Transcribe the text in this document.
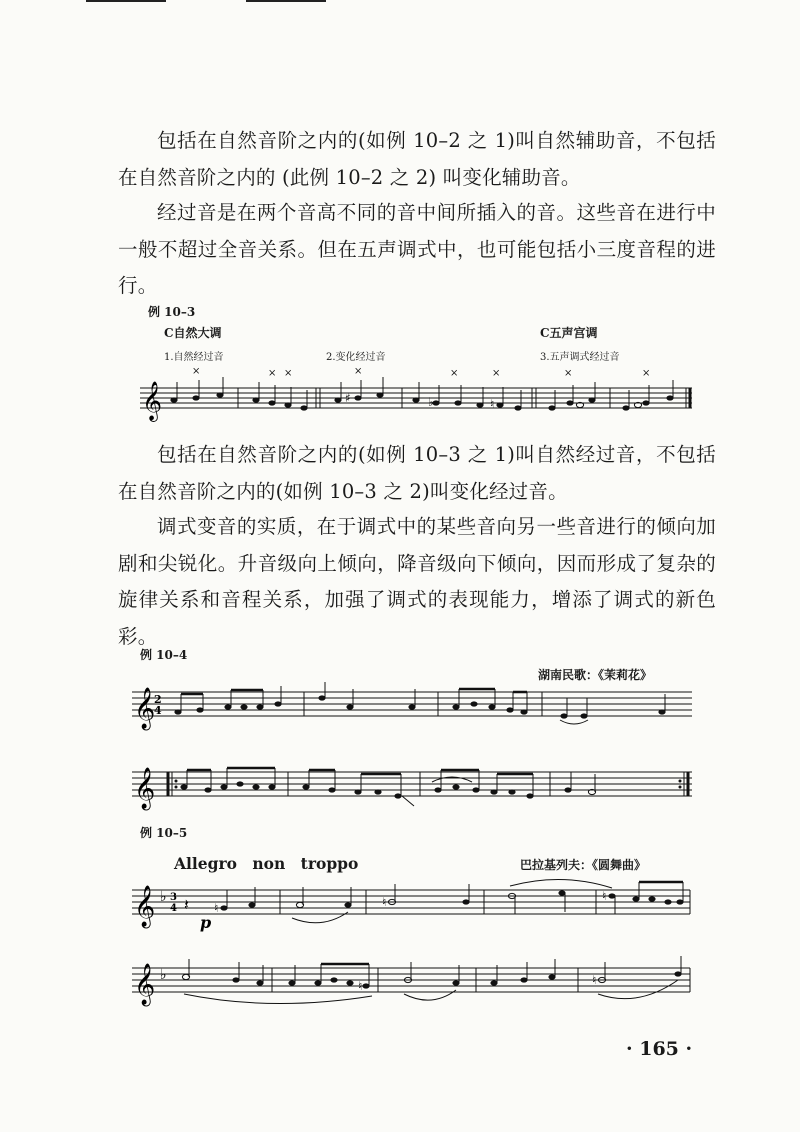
包括在自然音阶之内的(如例 10–2 之 1)叫自然辅助音，不包括在自然音阶之内的 (此例 10–2 之 2) 叫变化辅助音。

经过音是在两个音高不同的音中间所插入的音。这些音在进行中一般不超过全音关系。但在五声调式中，也可能包括小三度音程的进行。

例 10–3
C自然大调	C五声宫调
1.自然经过音	2.变化经过音	3.五声调式经过音
𝄞
×	× ×	×	×	×	×	×
♯	♭	♮

包括在自然音阶之内的(如例 10–3 之 1)叫自然经过音，不包括在自然音阶之内的(如例 10–3 之 2)叫变化经过音。

调式变音的实质，在于调式中的某些音向另一些音进行的倾向加剧和尖锐化。升音级向上倾向，降音级向下倾向，因而形成了复杂的旋律关系和音程关系，加强了调式的表现能力，增添了调式的新色彩。

例 10–4
湖南民歌：《茉莉花》
𝄞
2
4
𝄞
例 10–5
Allegro non troppo	巴拉基列夫：《圆舞曲》
𝄞 ♭ 3
4 𝄽
p
♮	♮	♮
𝄞 ♭
♮	♮
· 165 ·
